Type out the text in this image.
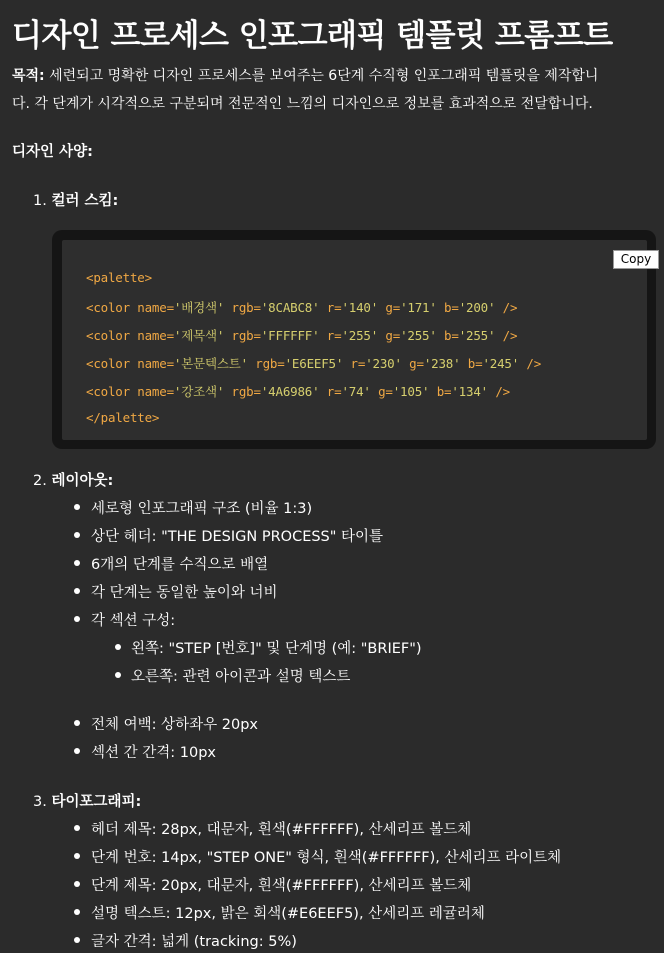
디자인 프로세스 인포그래픽 템플릿 프롬프트
목적: 세련되고 명확한 디자인 프로세스를 보여주는 6단계 수직형 인포그래픽 템플릿을 제작합니
다. 각 단계가 시각적으로 구분되며 전문적인 느낌의 디자인으로 정보를 효과적으로 전달합니다.
디자인 사양:
1. 컬러 스킴:
Copy
<palette>
<color name='배경색' rgb='8CABC8' r='140' g='171' b='200' />
<color name='제목색' rgb='FFFFFF' r='255' g='255' b='255' />
<color name='본문텍스트' rgb='E6EEF5' r='230' g='238' b='245' />
<color name='강조색' rgb='4A6986' r='74' g='105' b='134' />
</palette>
2. 레이아웃:
세로형 인포그래픽 구조 (비율 1:3)
상단 헤더: "THE DESIGN PROCESS" 타이틀
6개의 단계를 수직으로 배열
각 단계는 동일한 높이와 너비
각 섹션 구성:
왼쪽: "STEP [번호]" 및 단계명 (예: "BRIEF")
오른쪽: 관련 아이콘과 설명 텍스트
전체 여백: 상하좌우 20px
섹션 간 간격: 10px
3. 타이포그래피:
헤더 제목: 28px, 대문자, 흰색(#FFFFFF), 산세리프 볼드체
단계 번호: 14px, "STEP ONE" 형식, 흰색(#FFFFFF), 산세리프 라이트체
단계 제목: 20px, 대문자, 흰색(#FFFFFF), 산세리프 볼드체
설명 텍스트: 12px, 밝은 회색(#E6EEF5), 산세리프 레귤러체
글자 간격: 넓게 (tracking: 5%)
